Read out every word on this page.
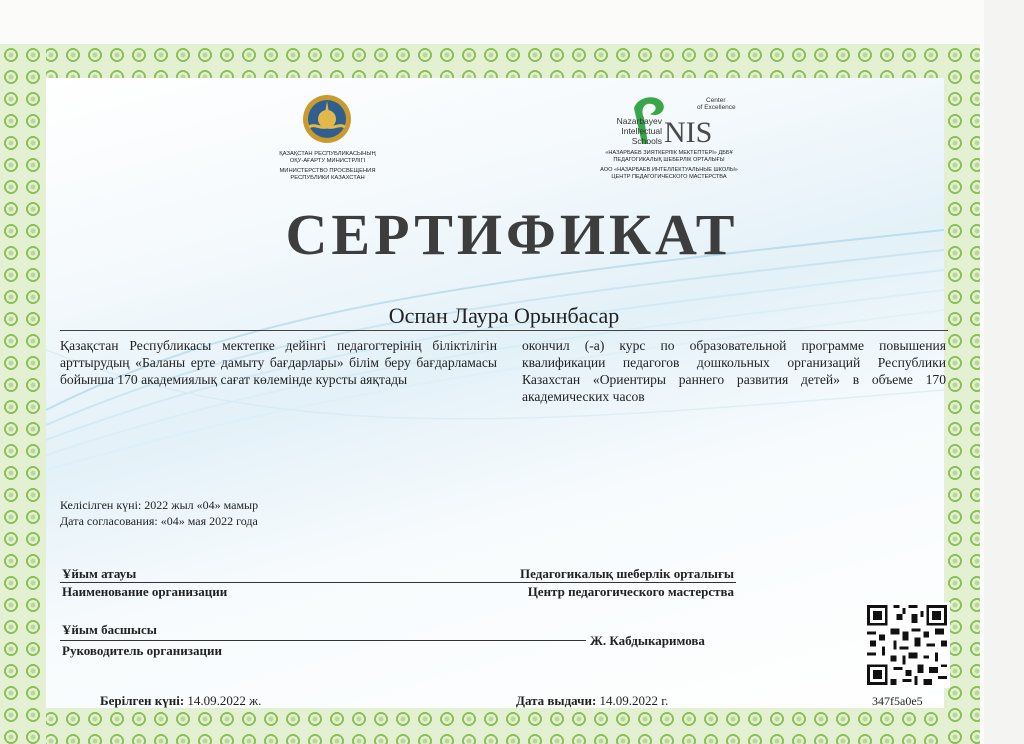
ҚАЗАҚСТАН РЕСПУБЛИКАСЫНЫҢ
ОҚУ-АҒАРТУ МИНИСТРЛІГІ
МИНИСТЕРСТВО ПРОСВЕЩЕНИЯ
РЕСПУБЛИКИ КАЗАХСТАН
NIS
Center
of Excellence
Nazarbayev
Intellectual
Schools
«НАЗАРБАЕВ ЗИЯТКЕРЛІК МЕКТЕПТЕРІ» ДББҰ
ПЕДАГОГИКАЛЫҚ ШЕБЕРЛІК ОРТАЛЫҒЫ
АОО «НАЗАРБАЕВ ИНТЕЛЛЕКТУАЛЬНЫЕ ШКОЛЫ»
ЦЕНТР ПЕДАГОГИЧЕСКОГО МАСТЕРСТВА
СЕРТИФИКАТ
Оспан Лаура Орынбасар
Қазақстан Республикасы мектепке дейінгі педагогтерінің біліктілігін арттырудың «Баланы ерте дамыту бағдарлары» білім беру бағдарламасы бойынша 170 академиялық сағат көлемінде курсты аяқтады
окончил (-а) курс по образовательной программе повышения квалификации педагогов дошкольных организаций Республики Казахстан «Ориентиры раннего развития детей» в объеме 170 академических часов
Келісілген күні: 2022 жыл «04» мамыр
Дата согласования: «04» мая 2022 года
Ұйым атауы	Педагогикалық шеберлік орталығы
Наименование организации	Центр педагогического мастерства
Ұйым басшысы
Ж. Кабдыкаримова
Руководитель организации
347f5a0e5
Берілген күні: 14.09.2022 ж.	Дата выдачи: 14.09.2022 г.
